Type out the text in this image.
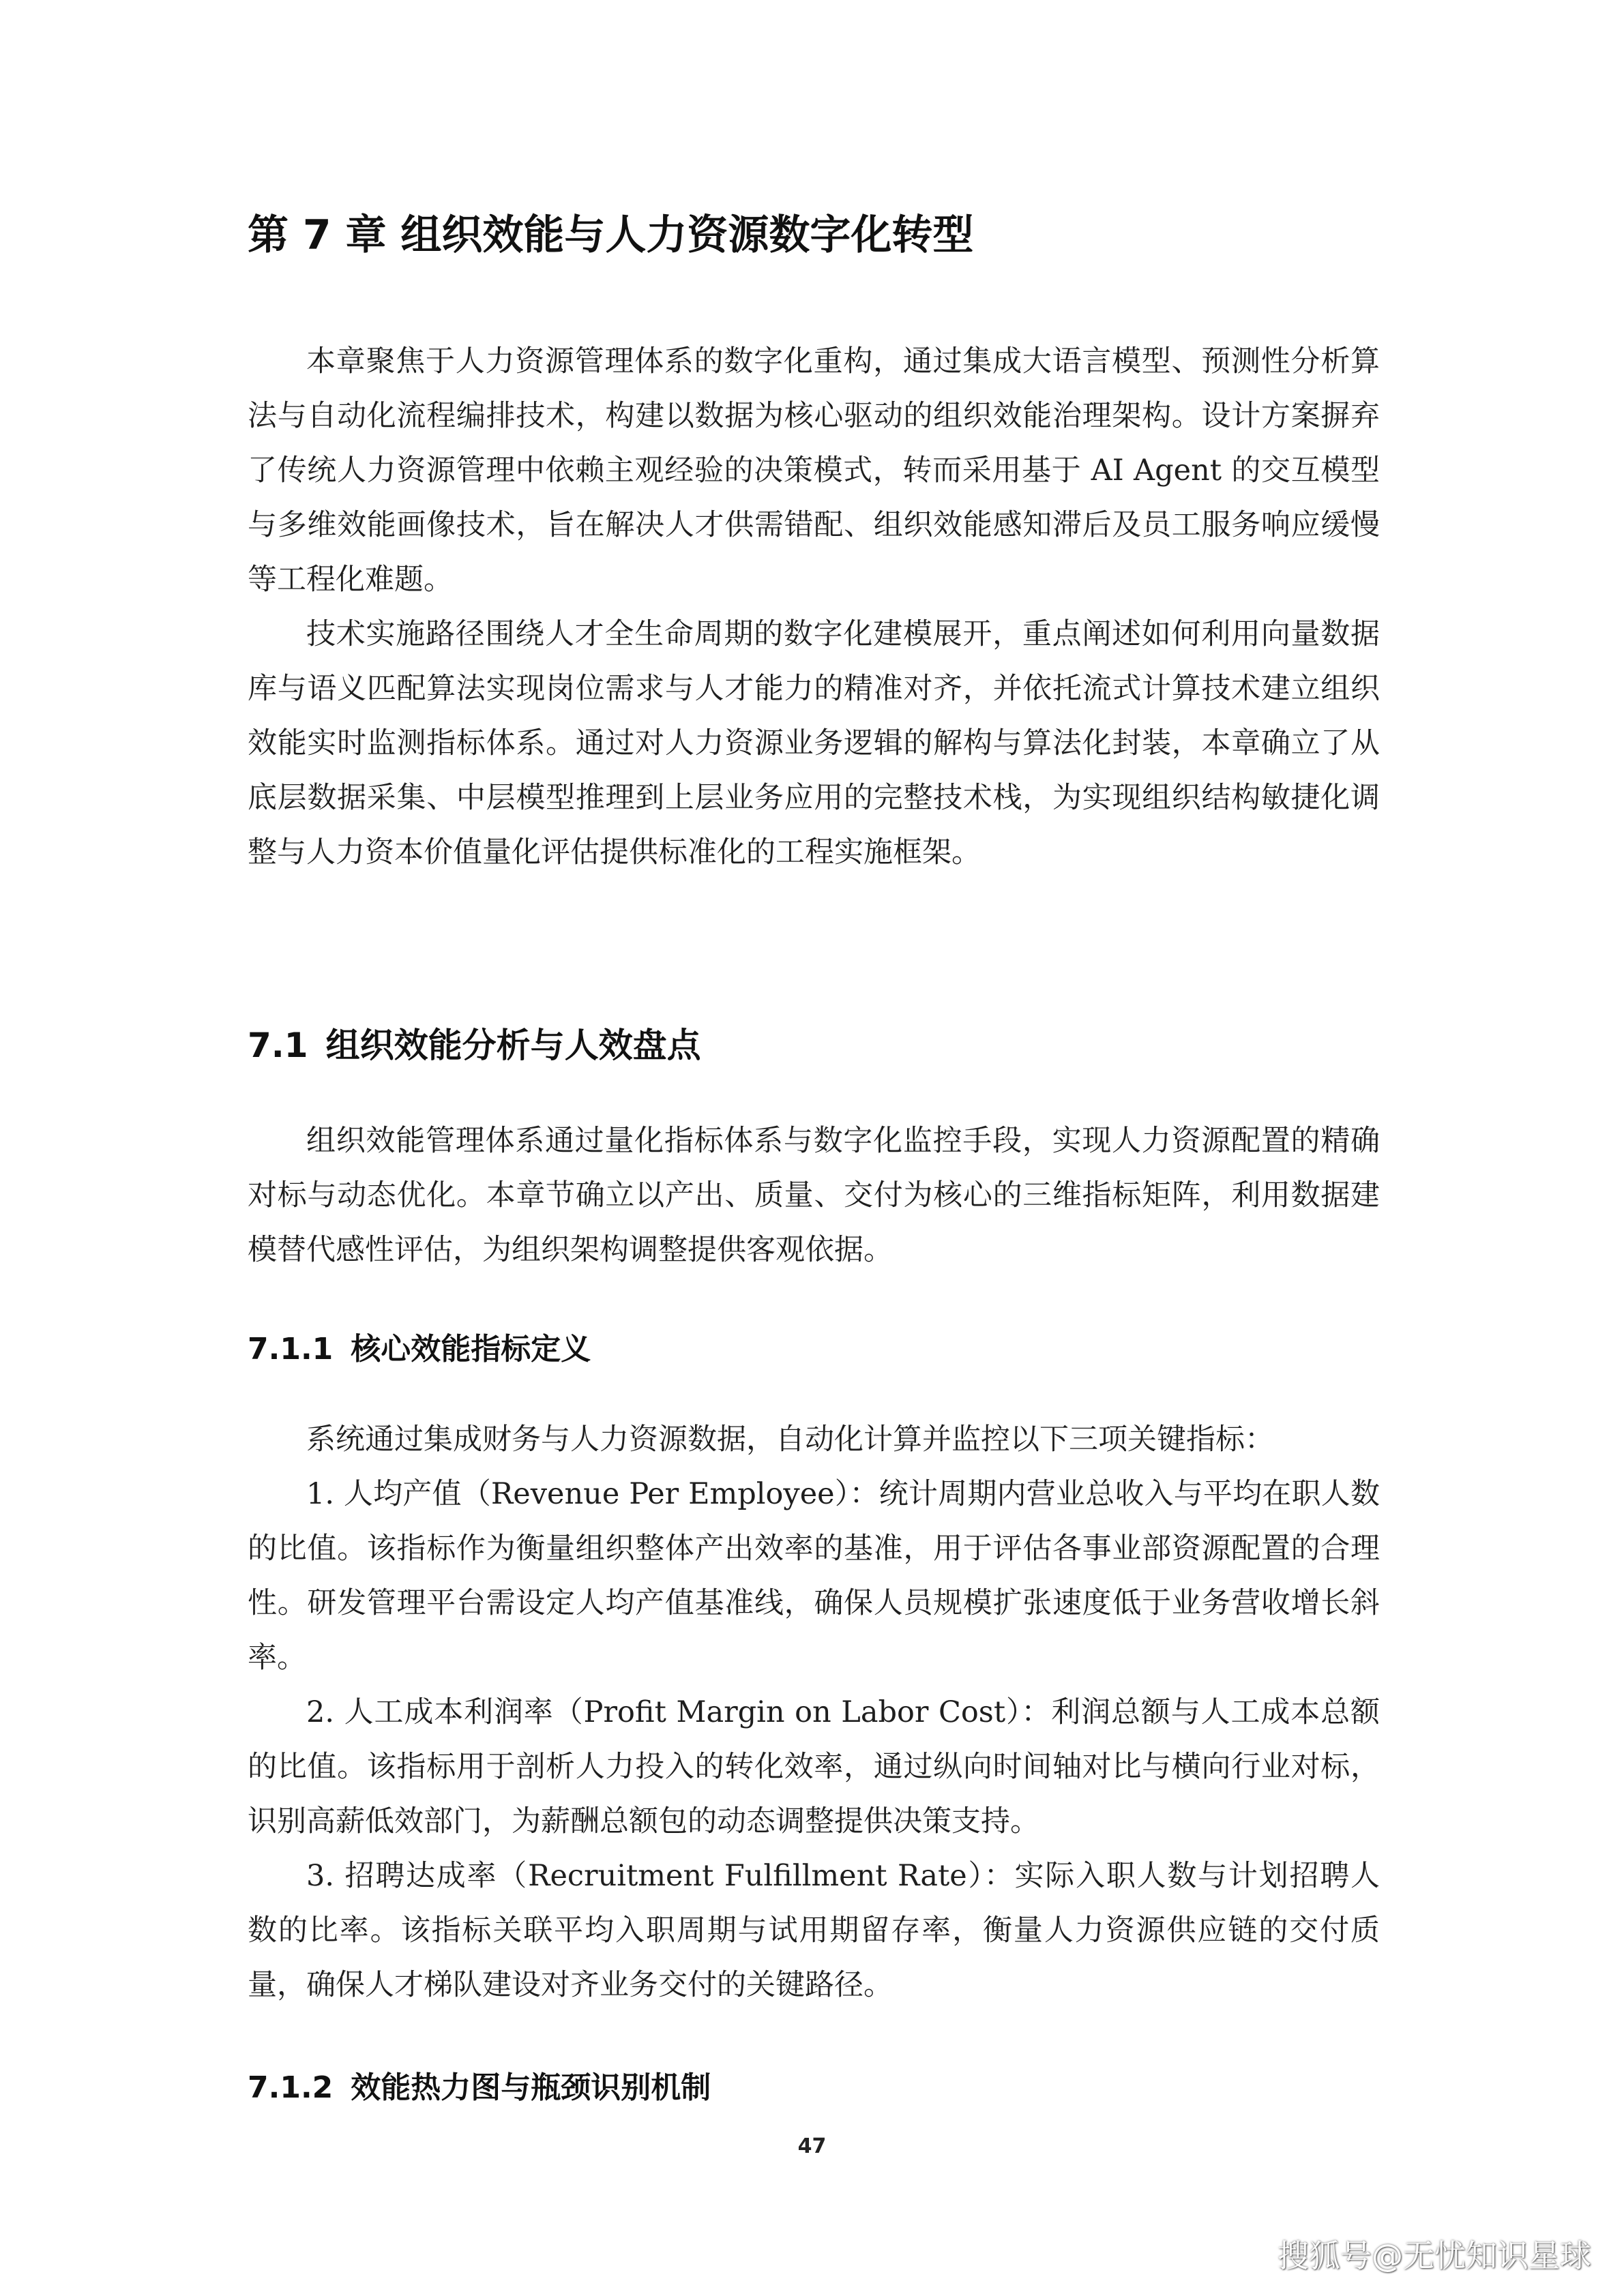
第 7 章 组织效能与人力资源数字化转型

本章聚焦于人力资源管理体系的数字化重构，通过集成大语言模型、预测性分析算法与自动化流程编排技术，构建以数据为核心驱动的组织效能治理架构。设计方案摒弃了传统人力资源管理中依赖主观经验的决策模式，转而采用基于 AI Agent 的交互模型与多维效能画像技术，旨在解决人才供需错配、组织效能感知滞后及员工服务响应缓慢等工程化难题。

技术实施路径围绕人才全生命周期的数字化建模展开，重点阐述如何利用向量数据库与语义匹配算法实现岗位需求与人才能力的精准对齐，并依托流式计算技术建立组织效能实时监测指标体系。通过对人力资源业务逻辑的解构与算法化封装，本章确立了从底层数据采集、中层模型推理到上层业务应用的完整技术栈，为实现组织结构敏捷化调整与人力资本价值量化评估提供标准化的工程实施框架。

7.1 组织效能分析与人效盘点

组织效能管理体系通过量化指标体系与数字化监控手段，实现人力资源配置的精确对标与动态优化。本章节确立以产出、质量、交付为核心的三维指标矩阵，利用数据建模替代感性评估，为组织架构调整提供客观依据。

7.1.1 核心效能指标定义

系统通过集成财务与人力资源数据，自动化计算并监控以下三项关键指标：

1. 人均产值（Revenue Per Employee）：统计周期内营业总收入与平均在职人数的比值。该指标作为衡量组织整体产出效率的基准，用于评估各事业部资源配置的合理性。研发管理平台需设定人均产值基准线，确保人员规模扩张速度低于业务营收增长斜率。

2. 人工成本利润率（Profit Margin on Labor Cost）：利润总额与人工成本总额的比值。该指标用于剖析人力投入的转化效率，通过纵向时间轴对比与横向行业对标，识别高薪低效部门，为薪酬总额包的动态调整提供决策支持。

3. 招聘达成率（Recruitment Fulfillment Rate）：实际入职人数与计划招聘人数的比率。该指标关联平均入职周期与试用期留存率，衡量人力资源供应链的交付质量，确保人才梯队建设对齐业务交付的关键路径。

7.1.2 效能热力图与瓶颈识别机制
47
搜狐号@无忧知识星球
